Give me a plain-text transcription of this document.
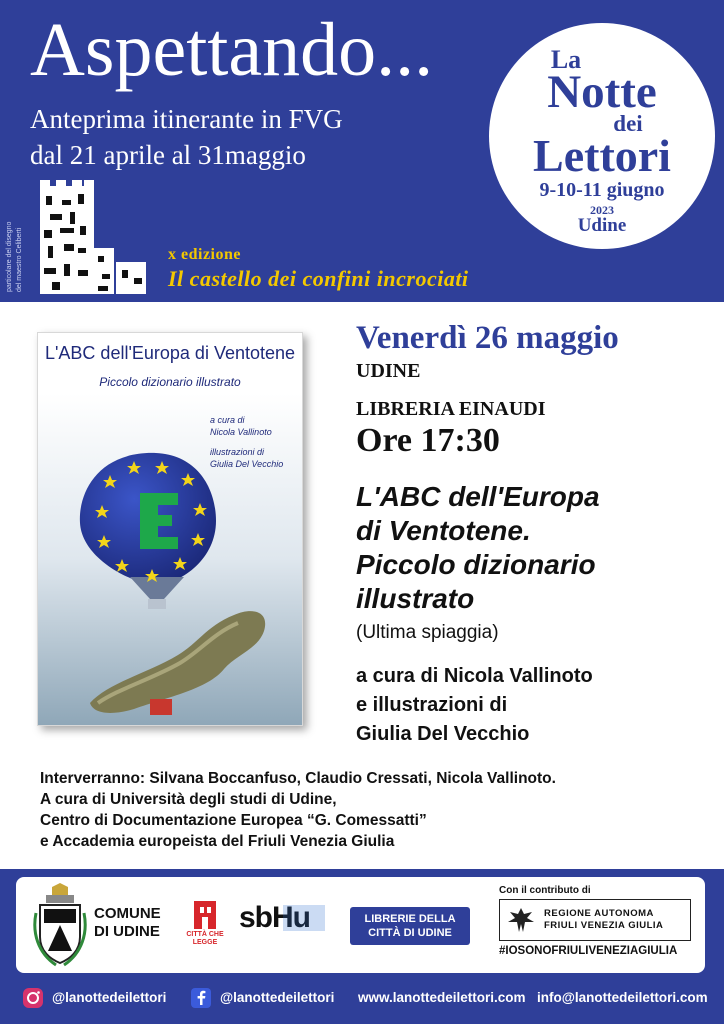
Aspettando...
Anteprima itinerante in FVG
dal 21 aprile al 31maggio
particolare del disegno del maestro Celiberti	x edizione
Il castello dei confini incrociati
La
Notte
dei
Lettori
9-10-11 giugno
2023
Udine
L'ABC dell'Europa di Ventotene
Piccolo dizionario illustrato
a cura di
Nicola Vallinoto
illustrazioni di
Giulia Del Vecchio
Venerdì 26 maggio
UDINE
LIBRERIA EINAUDI
Ore 17:30
L'ABC dell'Europa
di Ventotene.
Piccolo dizionario
illustrato
(Ultima spiaggia)
a cura di Nicola Vallinoto
e illustrazioni di
Giulia Del Vecchio
Interverranno: Silvana Boccanfuso, Claudio Cressati, Nicola Vallinoto.
A cura di Università degli studi di Udine,
Centro di Documentazione Europea “G. Comessatti”
e Accademia europeista del Friuli Venezia Giulia
COMUNE
DI UDINE	CITTÀ CHE LEGGE
sbHu	LIBRERIE DELLA
CITTÀ DI UDINE
Con il contributo di
REGIONE AUTONOMA
FRIULI VENEZIA GIULIA
#IOSONOFRIULIVENEZIAGIULIA
@lanottedeilettori	@lanottedeilettori www.lanottedeilettori.com info@lanottedeilettori.com
